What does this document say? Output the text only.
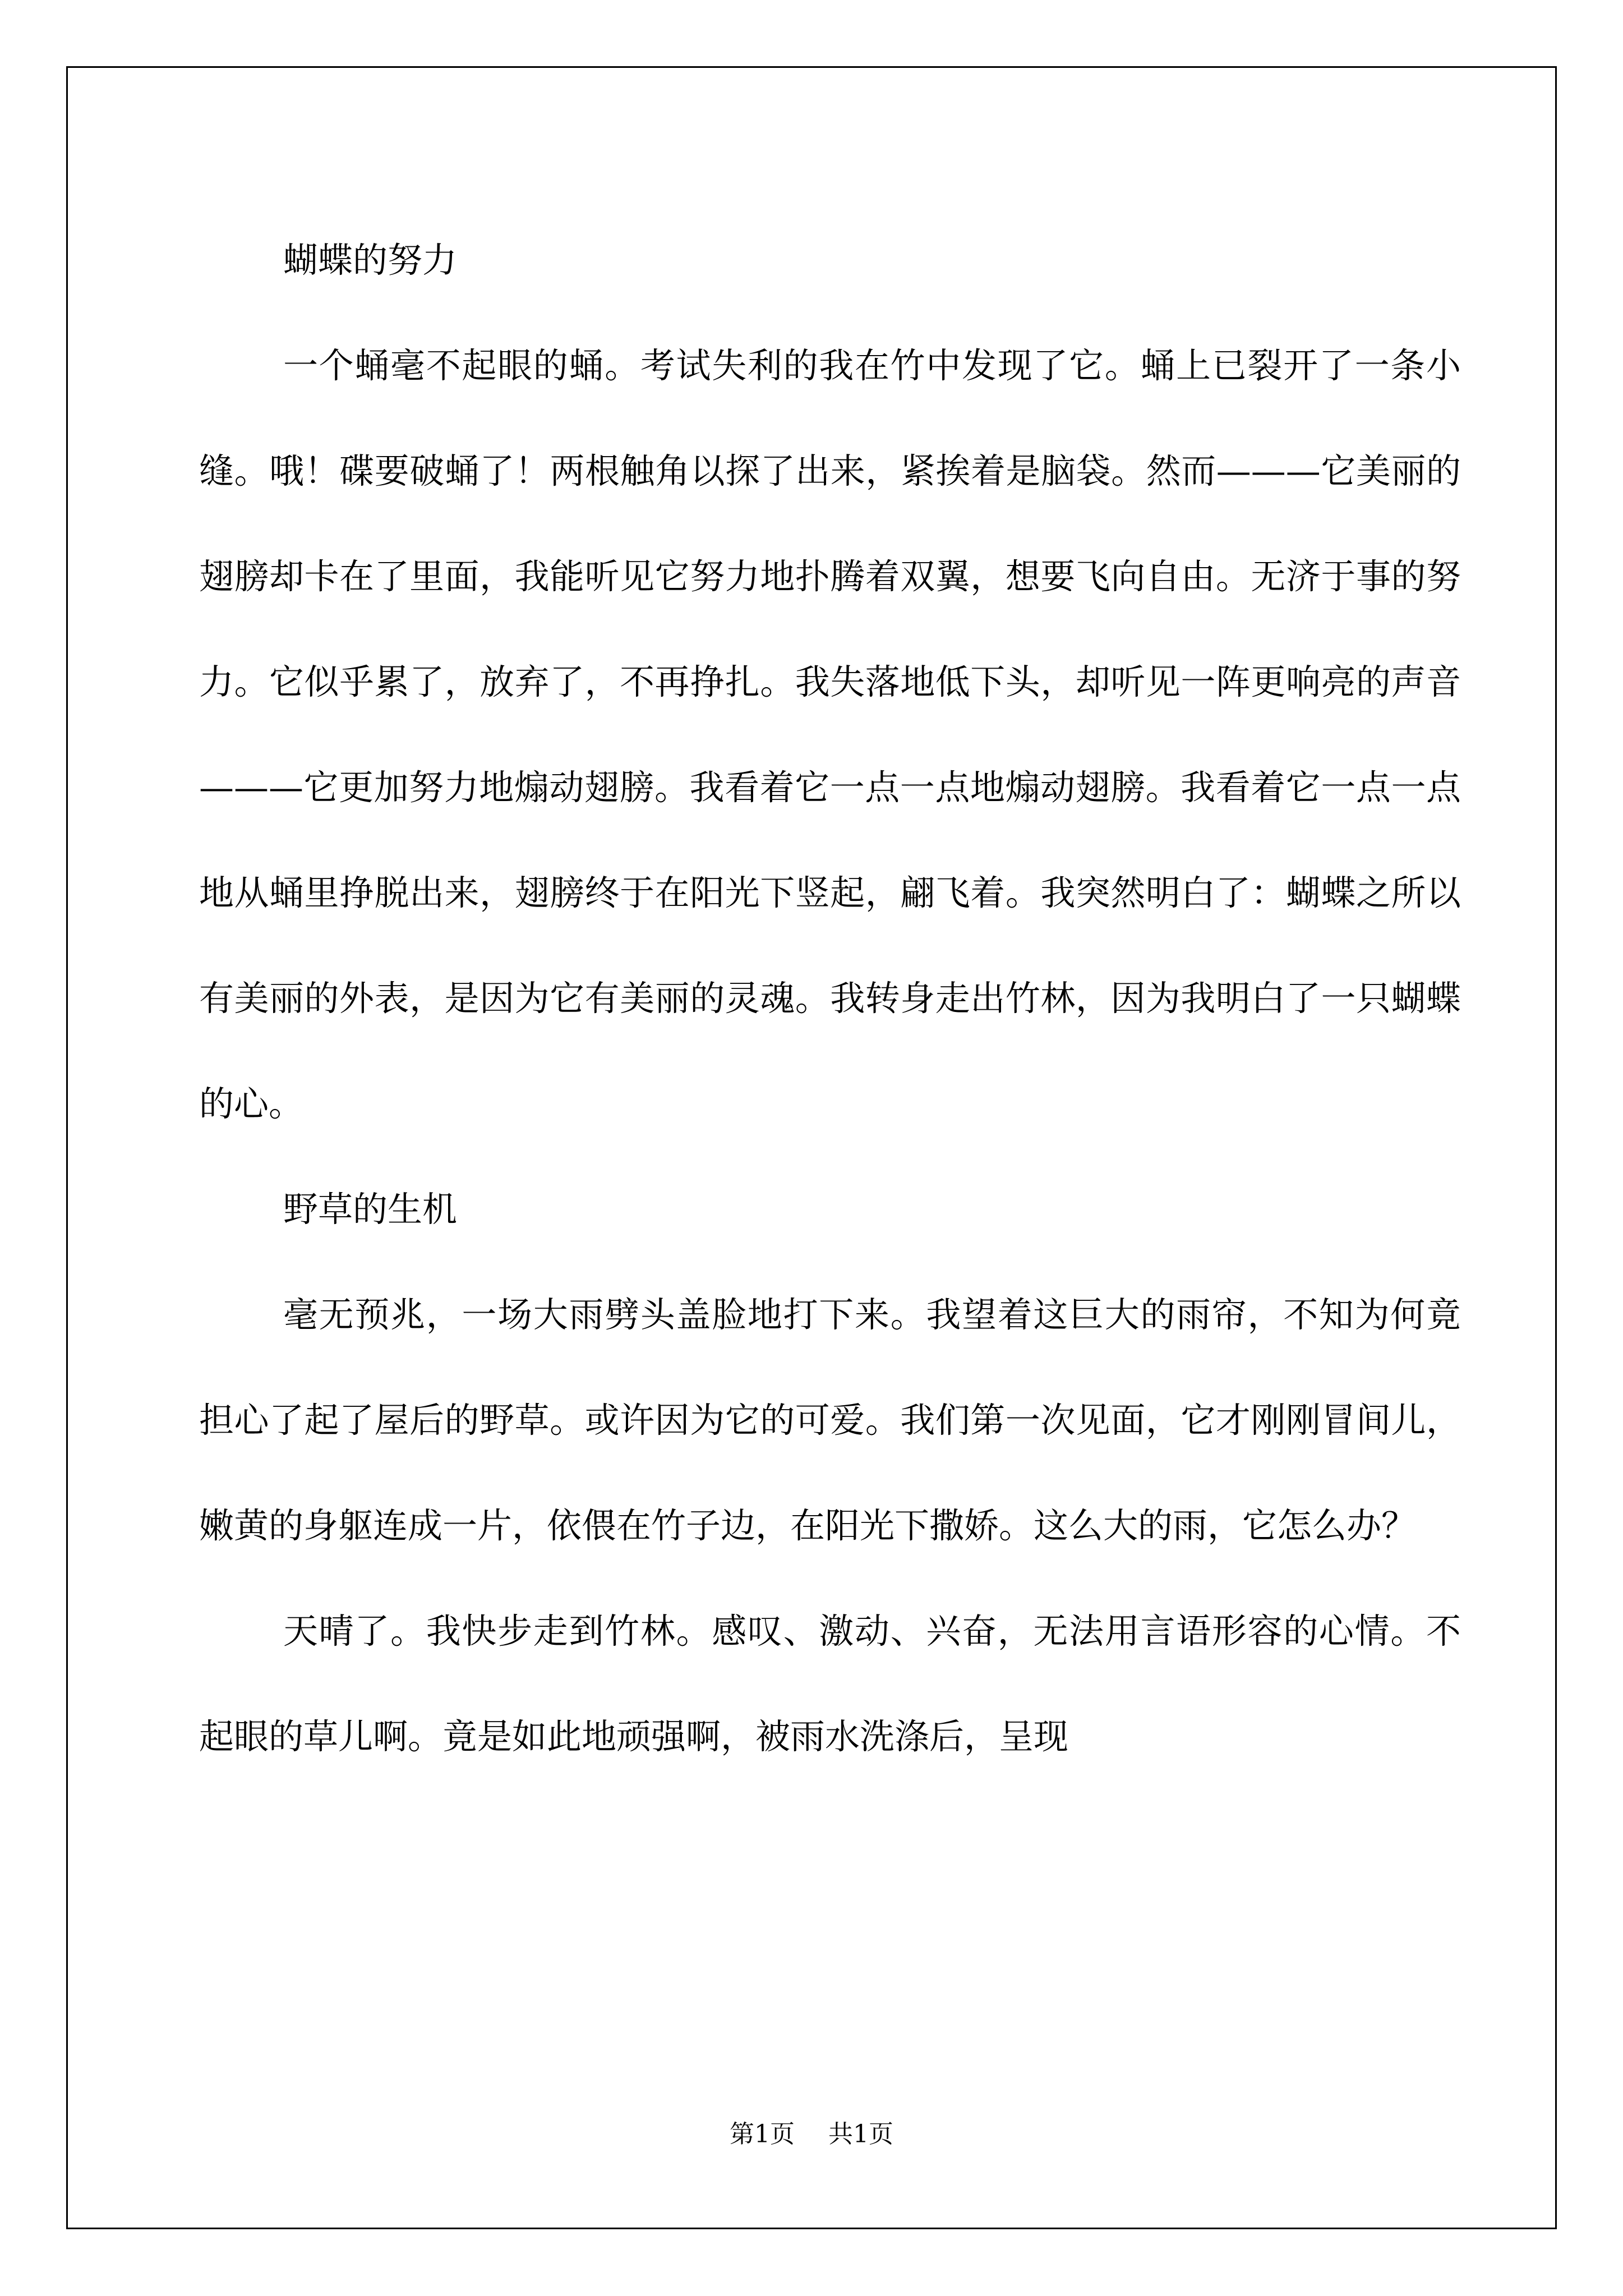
蝴蝶的努力

一个蛹毫不起眼的蛹。考试失利的我在竹中发现了它。蛹上已裂开了一条小缝。哦！碟要破蛹了！两根触角以探了出来，紧挨着是脑袋。然而———它美丽的翅膀却卡在了里面，我能听见它努力地扑腾着双翼，想要飞向自由。无济于事的努力。它似乎累了，放弃了，不再挣扎。我失落地低下头，却听见一阵更响亮的声音———它更加努力地煽动翅膀。我看着它一点一点地煽动翅膀。我看着它一点一点地从蛹里挣脱出来，翅膀终于在阳光下竖起，翩飞着。我突然明白了：蝴蝶之所以有美丽的外表，是因为它有美丽的灵魂。我转身走出竹林，因为我明白了一只蝴蝶的心。

野草的生机

毫无预兆，一场大雨劈头盖脸地打下来。我望着这巨大的雨帘，不知为何竟担心了起了屋后的野草。或许因为它的可爱。我们第一次见面，它才刚刚冒间儿，嫩黄的身躯连成一片，依偎在竹子边，在阳光下撒娇。这么大的雨，它怎么办？

天晴了。我快步走到竹林。感叹、激动、兴奋，无法用言语形容的心情。不起眼的草儿啊。竟是如此地顽强啊，被雨水洗涤后，呈现

第1页 共1页
